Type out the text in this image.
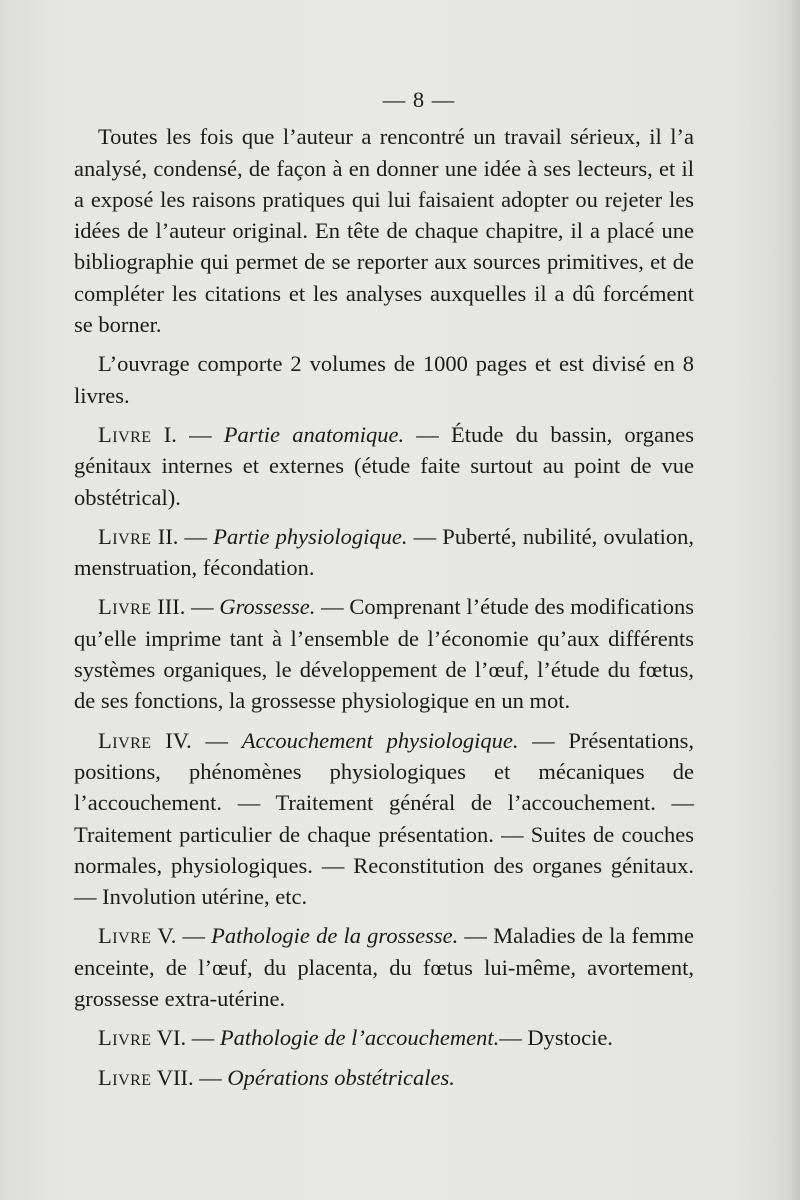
— 8 —

Toutes les fois que l’auteur a rencontré un travail sérieux, il l’a analysé, condensé, de façon à en donner une idée à ses lecteurs, et il a exposé les raisons pratiques qui lui faisaient adopter ou rejeter les idées de l’auteur original. En tête de chaque chapitre, il a placé une bibliographie qui permet de se reporter aux sources primitives, et de compléter les citations et les analyses auxquelles il a dû forcément se borner.

L’ouvrage comporte 2 volumes de 1000 pages et est divisé en 8 livres.

Livre I. — Partie anatomique. — Étude du bassin, organes génitaux internes et externes (étude faite surtout au point de vue obstétrical).

Livre II. — Partie physiologique. — Puberté, nubilité, ovulation, menstruation, fécondation.

Livre III. — Grossesse. — Comprenant l’étude des modifications qu’elle imprime tant à l’ensemble de l’économie qu’aux différents systèmes organiques, le développement de l’œuf, l’étude du fœtus, de ses fonctions, la grossesse physiologique en un mot.

Livre IV. — Accouchement physiologique. — Présentations, positions, phénomènes physiologiques et mécaniques de l’accouchement. — Traitement général de l’accouchement. — Traitement particulier de chaque présentation. — Suites de couches normales, physiologiques. — Reconstitution des organes génitaux. — Involution utérine, etc.

Livre V. — Pathologie de la grossesse. — Maladies de la femme enceinte, de l’œuf, du placenta, du fœtus lui-même, avortement, grossesse extra-utérine.

Livre VI. — Pathologie de l’accouchement.— Dystocie.

Livre VII. — Opérations obstétricales.
